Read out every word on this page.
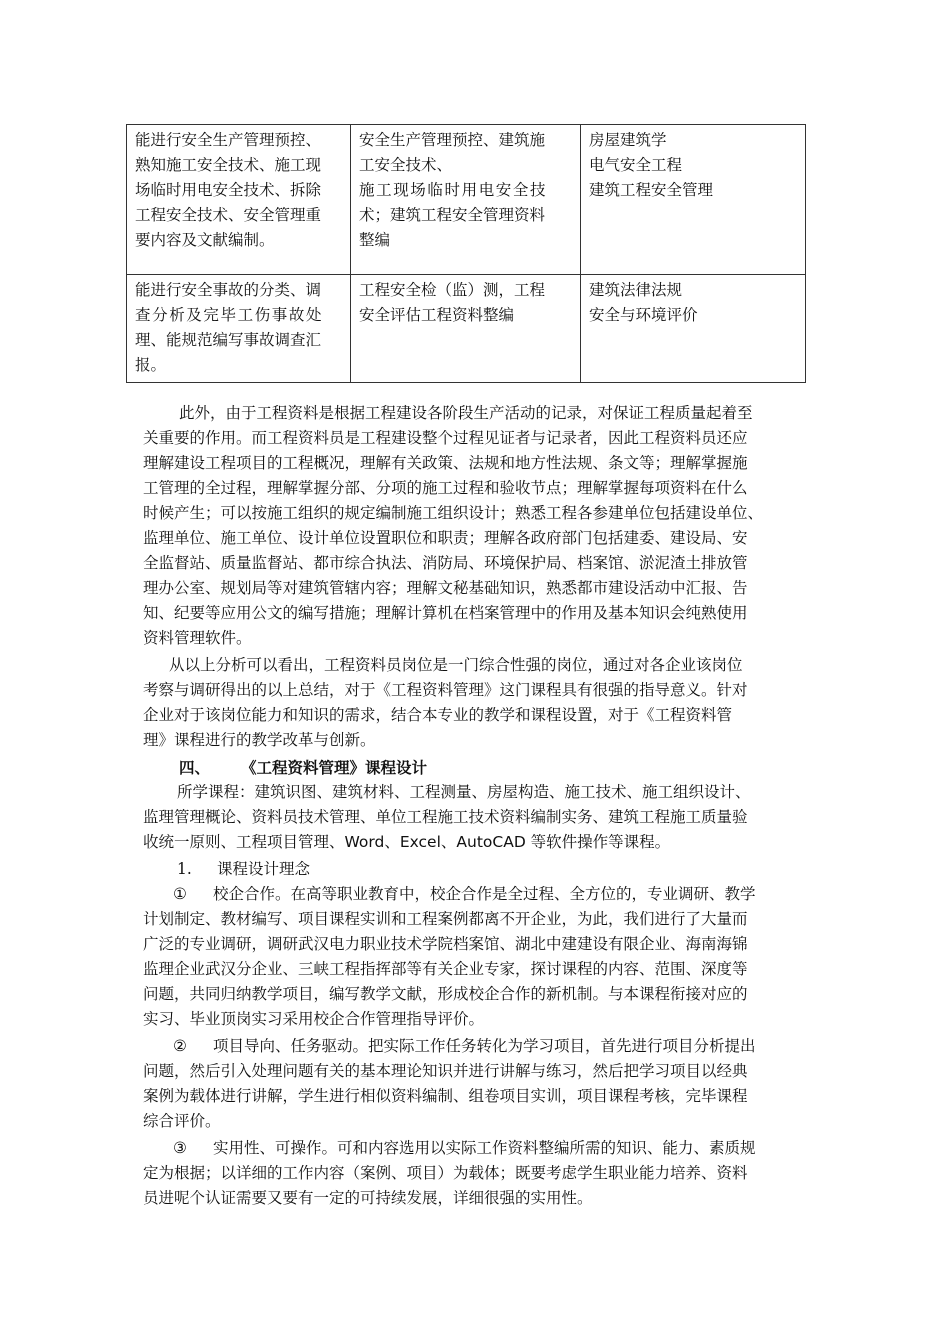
能进行安全生产管理预控、
熟知施工安全技术、施工现
场临时用电安全技术、拆除
工程安全技术、安全管理重
要内容及文献编制。	安全生产管理预控、建筑施
工安全技术、
施工现场临时用电安全技
术；建筑工程安全管理资料
整编	房屋建筑学
电气安全工程
建筑工程安全管理

能进行安全事故的分类、调
查分析及完毕工伤事故处
理、能规范编写事故调查汇
报。	工程安全检（监）测，工程
安全评估工程资料整编	建筑法律法规
安全与环境评价
此外，由于工程资料是根据工程建设各阶段生产活动的记录，对保证工程质量起着至
关重要的作用。而工程资料员是工程建设整个过程见证者与记录者，因此工程资料员还应
理解建设工程项目的工程概况，理解有关政策、法规和地方性法规、条文等；理解掌握施
工管理的全过程，理解掌握分部、分项的施工过程和验收节点；理解掌握每项资料在什么
时候产生；可以按施工组织的规定编制施工组织设计；熟悉工程各参建单位包括建设单位、
监理单位、施工单位、设计单位设置职位和职责；理解各政府部门包括建委、建设局、安
全监督站、质量监督站、都市综合执法、消防局、环境保护局、档案馆、淤泥渣土排放管
理办公室、规划局等对建筑管辖内容；理解文秘基础知识，熟悉都市建设活动中汇报、告
知、纪要等应用公文的编写措施；理解计算机在档案管理中的作用及基本知识会纯熟使用
资料管理软件。
从以上分析可以看出，工程资料员岗位是一门综合性强的岗位，通过对各企业该岗位
考察与调研得出的以上总结，对于《工程资料管理》这门课程具有很强的指导意义。针对
企业对于该岗位能力和知识的需求，结合本专业的教学和课程设置，对于《工程资料管
理》课程进行的教学改革与创新。
四、 《工程资料管理》课程设计
所学课程：建筑识图、建筑材料、工程测量、房屋构造、施工技术、施工组织设计、
监理管理概论、资料员技术管理、单位工程施工技术资料编制实务、建筑工程施工质量验
收统一原则、工程项目管理、Word、Excel、AutoCAD 等软件操作等课程。
1. 课程设计理念
① 校企合作。在高等职业教育中，校企合作是全过程、全方位的，专业调研、教学
计划制定、教材编写、项目课程实训和工程案例都离不开企业，为此，我们进行了大量而
广泛的专业调研，调研武汉电力职业技术学院档案馆、湖北中建建设有限企业、海南海锦
监理企业武汉分企业、三峡工程指挥部等有关企业专家，探讨课程的内容、范围、深度等
问题，共同归纳教学项目，编写教学文献，形成校企合作的新机制。与本课程衔接对应的
实习、毕业顶岗实习采用校企合作管理指导评价。
② 项目导向、任务驱动。把实际工作任务转化为学习项目，首先进行项目分析提出
问题，然后引入处理问题有关的基本理论知识并进行讲解与练习，然后把学习项目以经典
案例为载体进行讲解，学生进行相似资料编制、组卷项目实训，项目课程考核，完毕课程
综合评价。
③ 实用性、可操作。可和内容选用以实际工作资料整编所需的知识、能力、素质规
定为根据；以详细的工作内容（案例、项目）为载体；既要考虑学生职业能力培养、资料
员进呢个认证需要又要有一定的可持续发展，详细很强的实用性。
